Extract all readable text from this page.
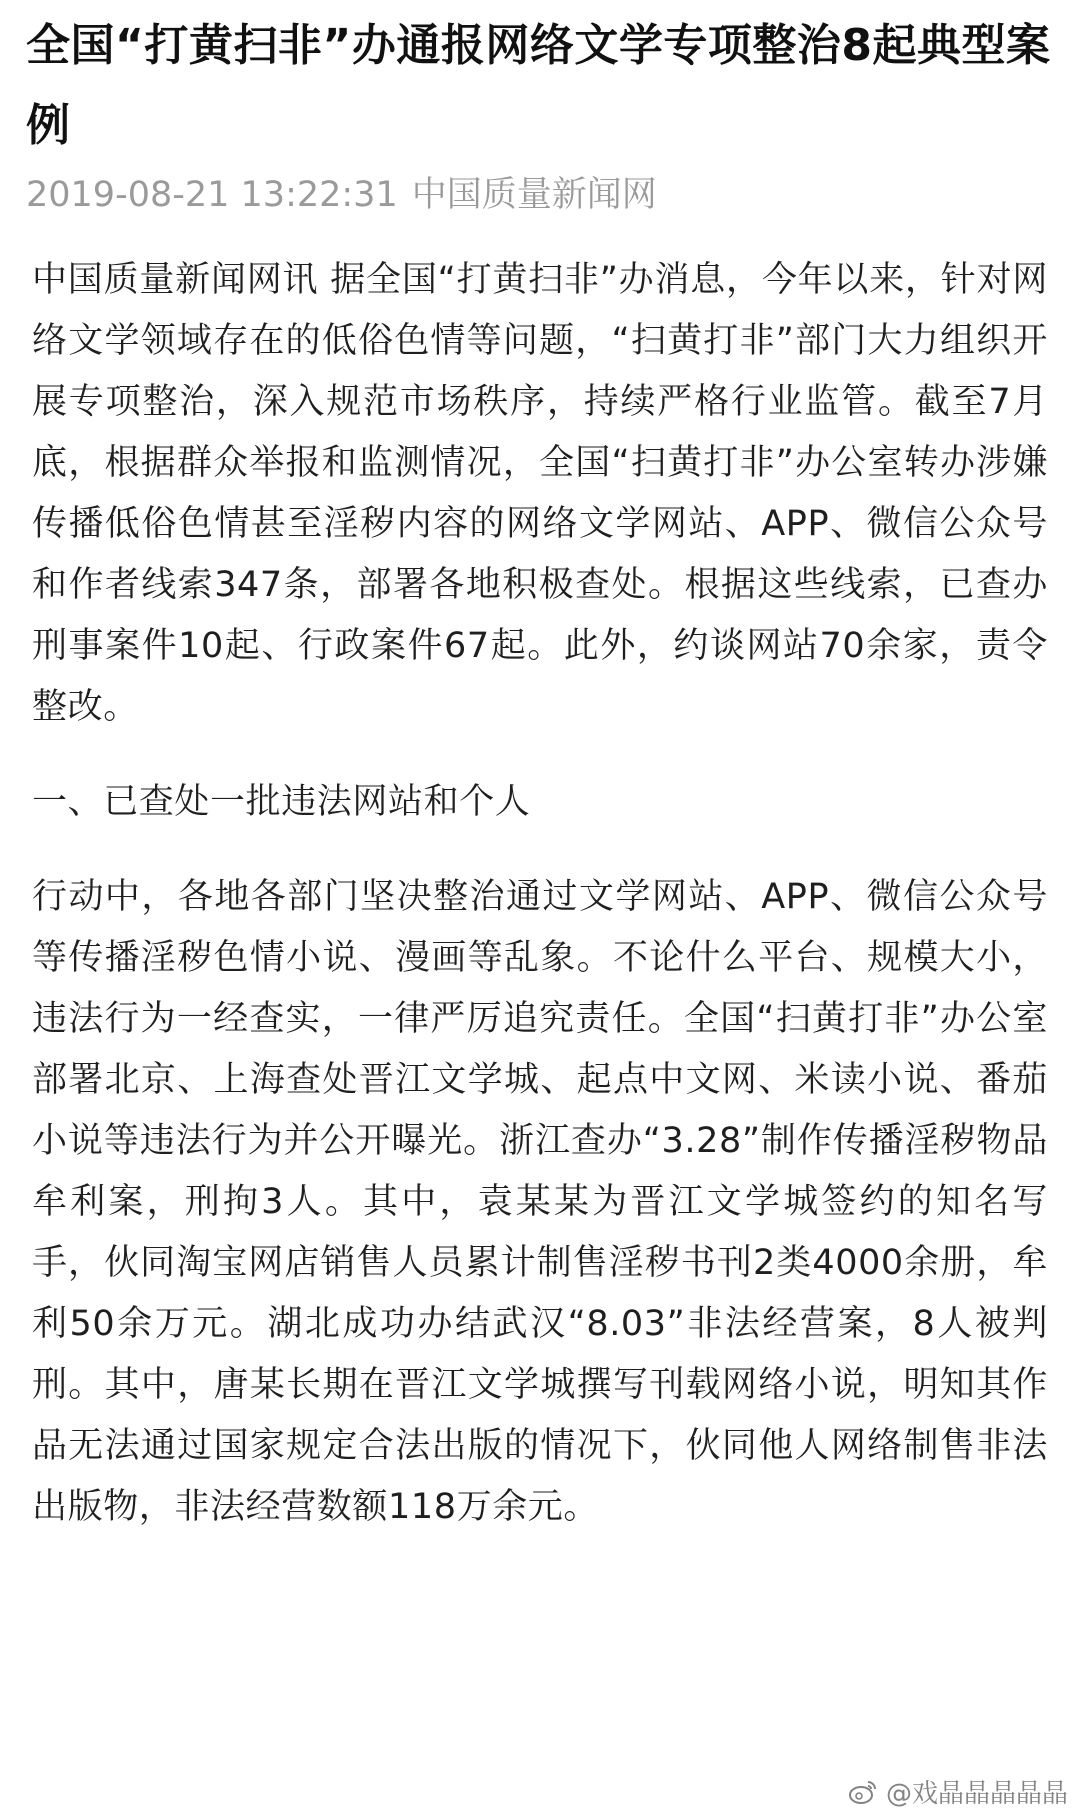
全国“打黄扫非”办通报网络文学专项整治8起典型案例
2019-08-21 13:22:31 中国质量新闻网

中国质量新闻网讯 据全国“打黄扫非”办消息，今年以来，针对网络文学领域存在的低俗色情等问题，“扫黄打非”部门大力组织开展专项整治，深入规范市场秩序，持续严格行业监管。截至7月底，根据群众举报和监测情况，全国“扫黄打非”办公室转办涉嫌传播低俗色情甚至淫秽内容的网络文学网站、APP、微信公众号和作者线索347条，部署各地积极查处。根据这些线索，已查办刑事案件10起、行政案件67起。此外，约谈网站70余家，责令整改。

一、已查处一批违法网站和个人

行动中，各地各部门坚决整治通过文学网站、APP、微信公众号等传播淫秽色情小说、漫画等乱象。不论什么平台、规模大小，违法行为一经查实，一律严厉追究责任。全国“扫黄打非”办公室部署北京、上海查处晋江文学城、起点中文网、米读小说、番茄小说等违法行为并公开曝光。浙江查办“3.28”制作传播淫秽物品牟利案，刑拘3人。其中，袁某某为晋江文学城签约的知名写手，伙同淘宝网店销售人员累计制售淫秽书刊2类4000余册，牟利50余万元。湖北成功办结武汉“8.03”非法经营案，8人被判刑。其中，唐某长期在晋江文学城撰写刊载网络小说，明知其作品无法通过国家规定合法出版的情况下，伙同他人网络制售非法出版物，非法经营数额118万余元。

@戏晶晶晶晶晶
